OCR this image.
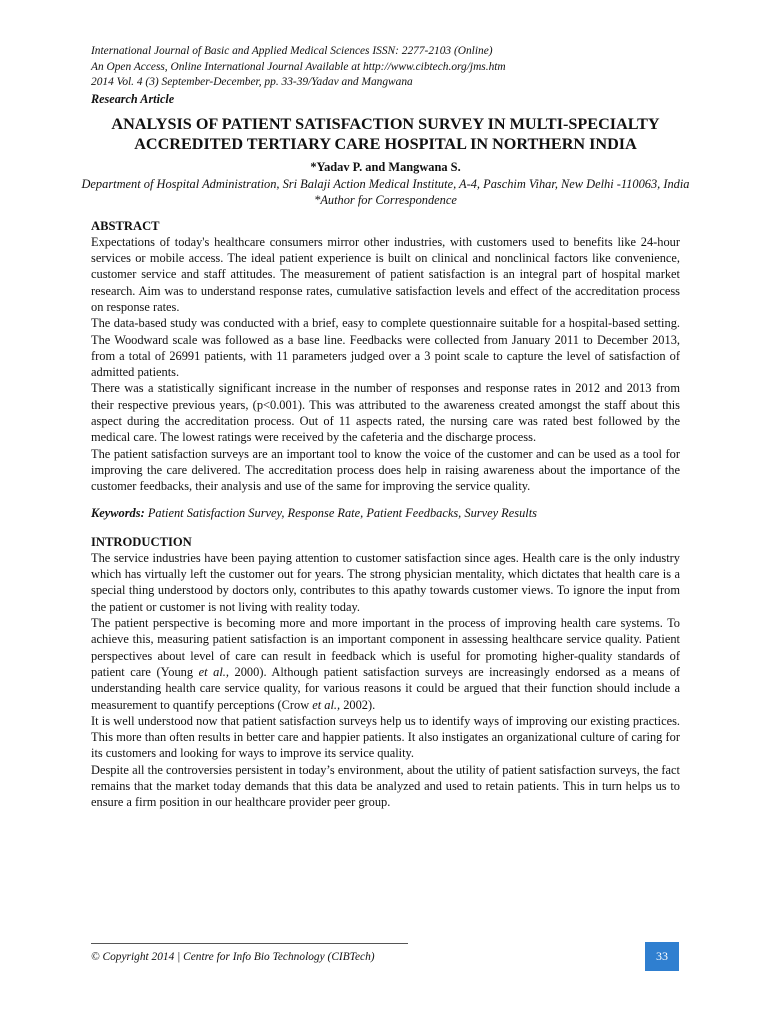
International Journal of Basic and Applied Medical Sciences ISSN: 2277-2103 (Online)
An Open Access, Online International Journal Available at http://www.cibtech.org/jms.htm
2014 Vol. 4 (3) September-December, pp. 33-39/Yadav and Mangwana
Research Article
ANALYSIS OF PATIENT SATISFACTION SURVEY IN MULTI-SPECIALTY ACCREDITED TERTIARY CARE HOSPITAL IN NORTHERN INDIA
*Yadav P. and Mangwana S.
Department of Hospital Administration, Sri Balaji Action Medical Institute, A-4, Paschim Vihar, New Delhi -110063, India
*Author for Correspondence
ABSTRACT
Expectations of today's healthcare consumers mirror other industries, with customers used to benefits like 24-hour services or mobile access. The ideal patient experience is built on clinical and nonclinical factors like convenience, customer service and staff attitudes. The measurement of patient satisfaction is an integral part of hospital market research. Aim was to understand response rates, cumulative satisfaction levels and effect of the accreditation process on response rates.
The data-based study was conducted with a brief, easy to complete questionnaire suitable for a hospital-based setting. The Woodward scale was followed as a base line. Feedbacks were collected from January 2011 to December 2013, from a total of 26991 patients, with 11 parameters judged over a 3 point scale to capture the level of satisfaction of admitted patients.
There was a statistically significant increase in the number of responses and response rates in 2012 and 2013 from their respective previous years, (p<0.001). This was attributed to the awareness created amongst the staff about this aspect during the accreditation process. Out of 11 aspects rated, the nursing care was rated best followed by the medical care. The lowest ratings were received by the cafeteria and the discharge process.
The patient satisfaction surveys are an important tool to know the voice of the customer and can be used as a tool for improving the care delivered. The accreditation process does help in raising awareness about the importance of the customer feedbacks, their analysis and use of the same for improving the service quality.
Keywords: Patient Satisfaction Survey, Response Rate, Patient Feedbacks, Survey Results
INTRODUCTION
The service industries have been paying attention to customer satisfaction since ages. Health care is the only industry which has virtually left the customer out for years. The strong physician mentality, which dictates that health care is a special thing understood by doctors only, contributes to this apathy towards customer views. To ignore the input from the patient or customer is not living with reality today.
The patient perspective is becoming more and more important in the process of improving health care systems. To achieve this, measuring patient satisfaction is an important component in assessing healthcare service quality. Patient perspectives about level of care can result in feedback which is useful for promoting higher-quality standards of patient care (Young et al., 2000). Although patient satisfaction surveys are increasingly endorsed as a means of understanding health care service quality, for various reasons it could be argued that their function should include a measurement to quantify perceptions (Crow et al., 2002).
It is well understood now that patient satisfaction surveys help us to identify ways of improving our existing practices. This more than often results in better care and happier patients. It also instigates an organizational culture of caring for its customers and looking for ways to improve its service quality.
Despite all the controversies persistent in today’s environment, about the utility of patient satisfaction surveys, the fact remains that the market today demands that this data be analyzed and used to retain patients. This in turn helps us to ensure a firm position in our healthcare provider peer group.
© Copyright 2014 | Centre for Info Bio Technology (CIBTech)	33
